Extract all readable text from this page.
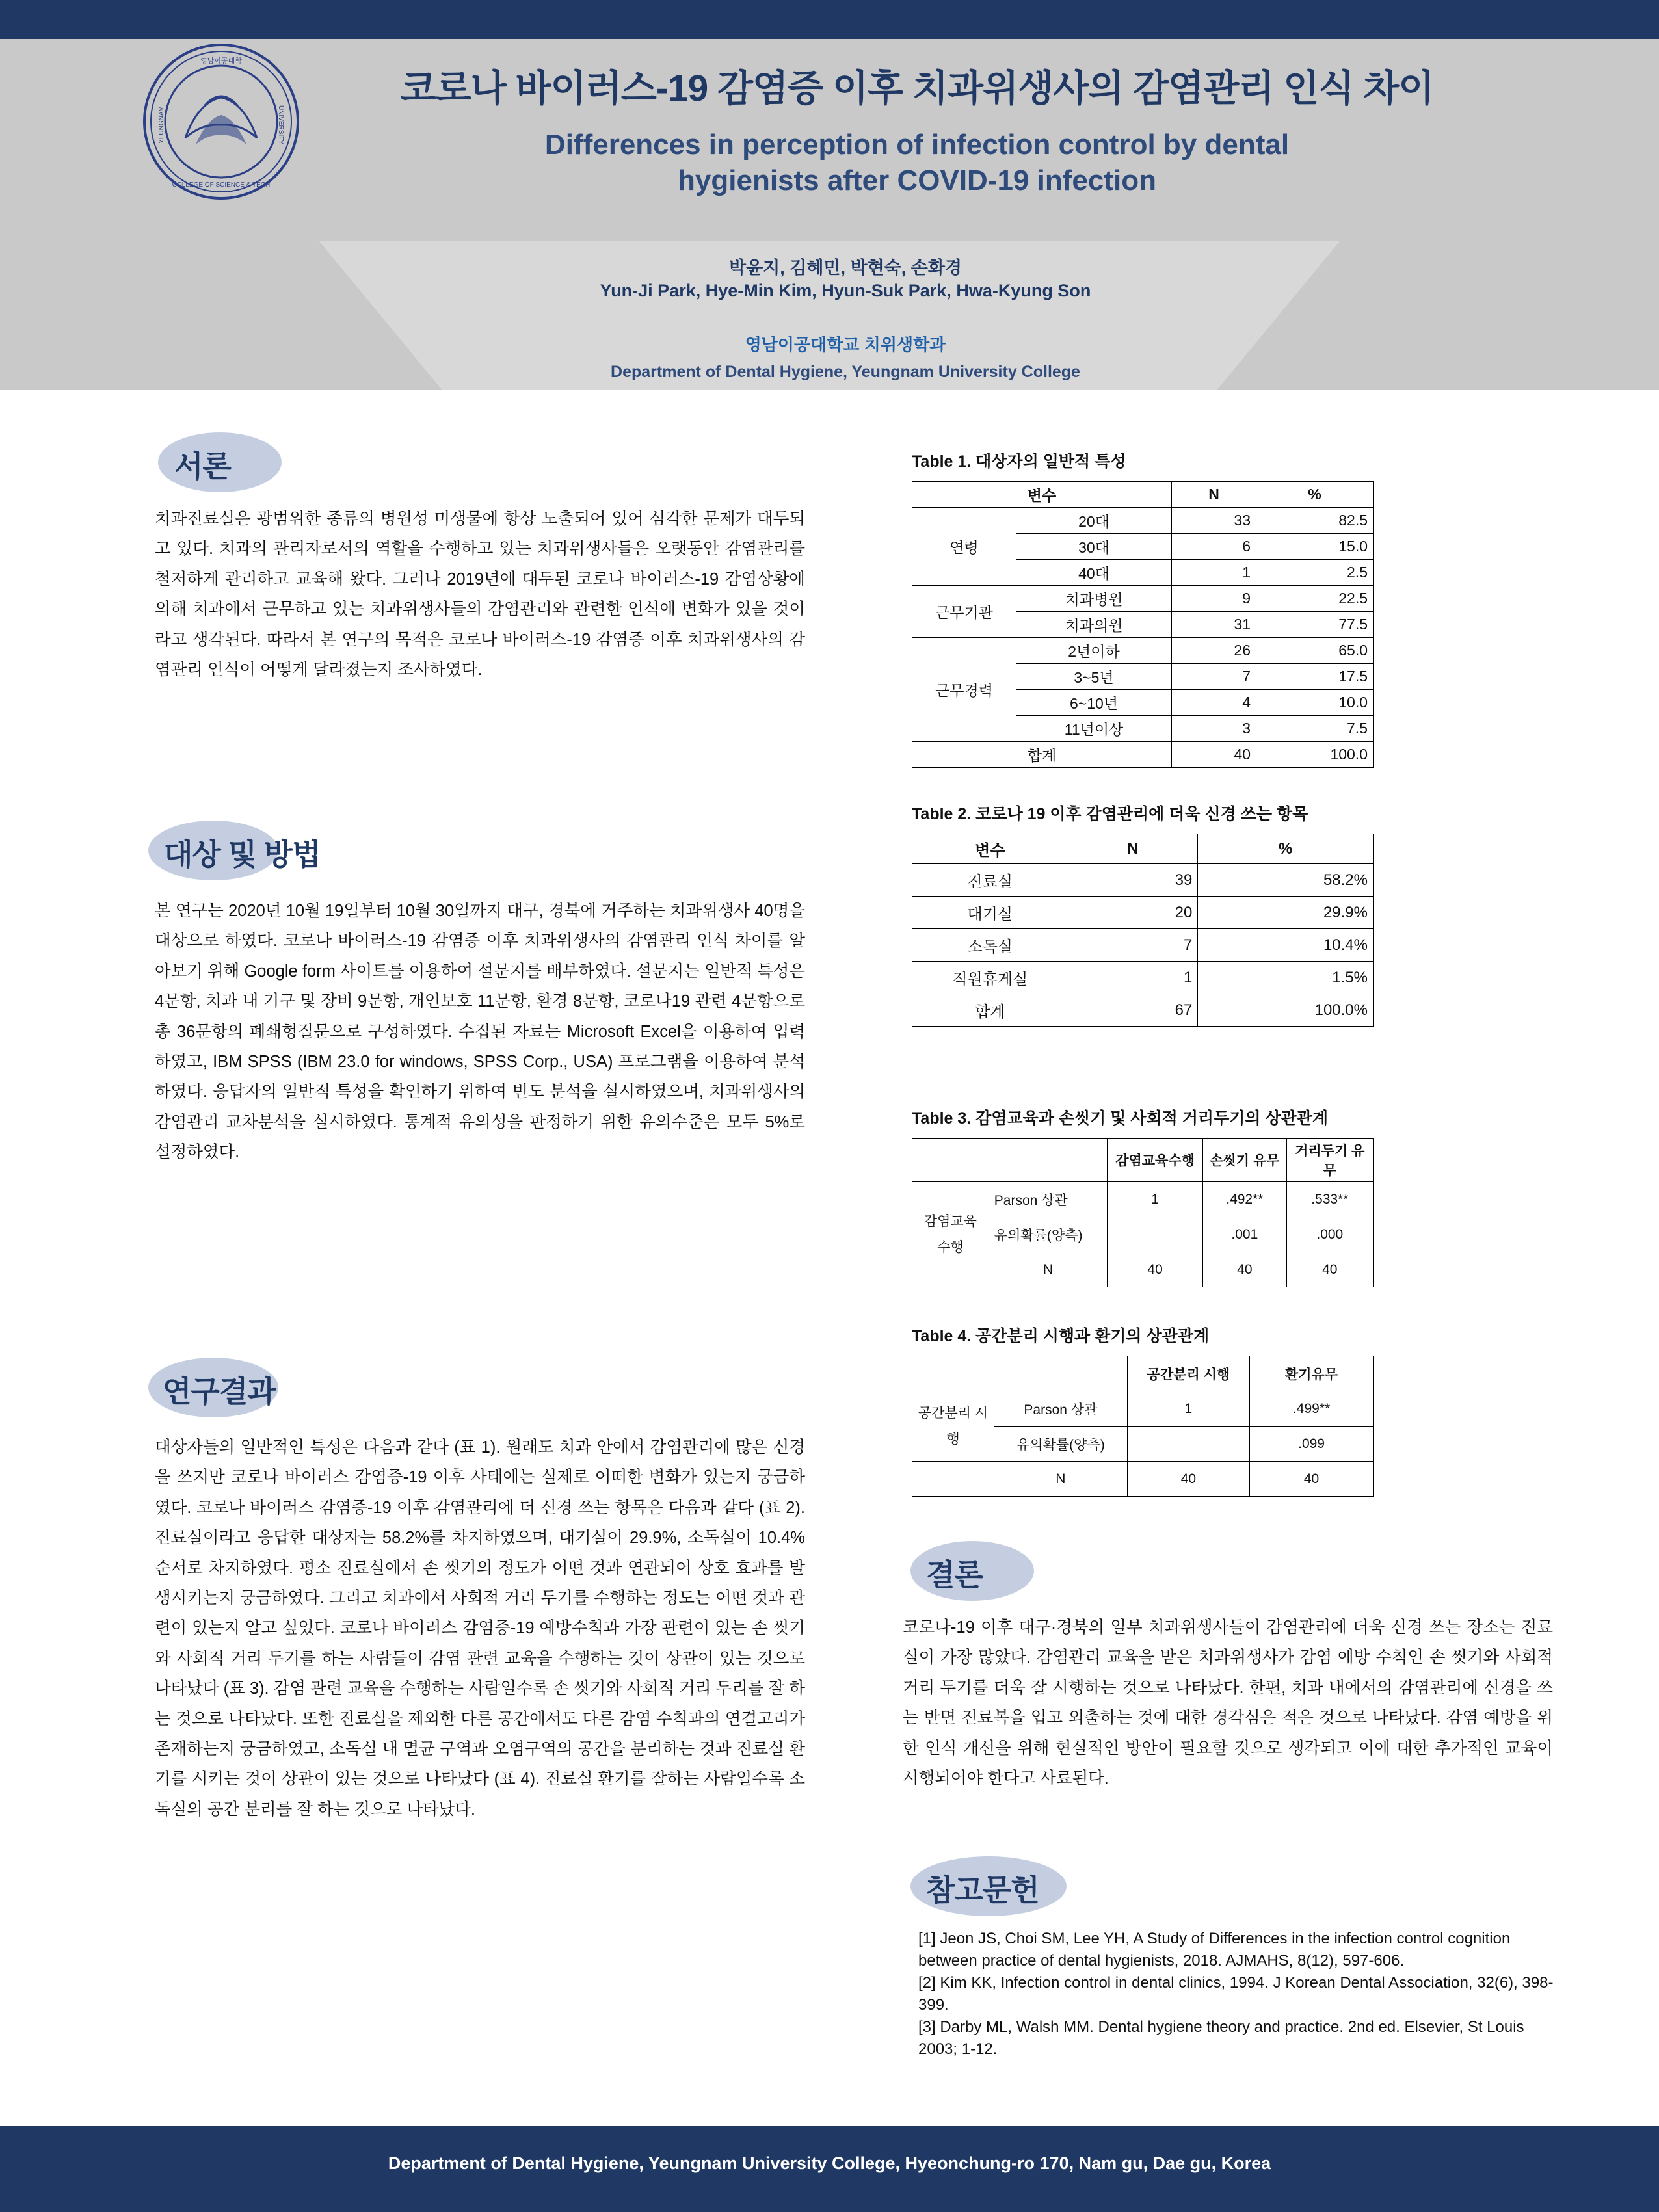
영남이공대학
COLLEGE OF SCIENCE & TECH
YEUNGNAM	UNIVERSITY
코로나 바이러스-19 감염증 이후 치과위생사의 감염관리 인식 차이
Differences in perception of infection control by dental
hygienists after COVID-19 infection
박윤지, 김혜민, 박현숙, 손화경
Yun-Ji Park, Hye-Min Kim, Hyun-Suk Park, Hwa-Kyung Son
영남이공대학교 치위생학과
Department of Dental Hygiene, Yeungnam University College
서론
치과진료실은 광범위한 종류의 병원성 미생물에 항상 노출되어 있어 심각한 문제가 대두되고 있다. 치과의 관리자로서의 역할을 수행하고 있는 치과위생사들은 오랫동안 감염관리를 철저하게 관리하고 교육해 왔다. 그러나 2019년에 대두된 코로나 바이러스-19 감염상황에 의해 치과에서 근무하고 있는 치과위생사들의 감염관리와 관련한 인식에 변화가 있을 것이라고 생각된다. 따라서 본 연구의 목적은 코로나 바이러스-19 감염증 이후 치과위생사의 감염관리 인식이 어떻게 달라졌는지 조사하였다.
대상 및 방법
본 연구는 2020년 10월 19일부터 10월 30일까지 대구, 경북에 거주하는 치과위생사 40명을 대상으로 하였다. 코로나 바이러스-19 감염증 이후 치과위생사의 감염관리 인식 차이를 알아보기 위해 Google form 사이트를 이용하여 설문지를 배부하였다. 설문지는 일반적 특성은 4문항, 치과 내 기구 및 장비 9문항, 개인보호 11문항, 환경 8문항, 코로나19 관련 4문항으로 총 36문항의 폐쇄형질문으로 구성하였다. 수집된 자료는 Microsoft Excel을 이용하여 입력하였고, IBM SPSS (IBM 23.0 for windows, SPSS Corp., USA) 프로그램을 이용하여 분석하였다. 응답자의 일반적 특성을 확인하기 위하여 빈도 분석을 실시하였으며, 치과위생사의 감염관리 교차분석을 실시하였다. 통계적 유의성을 판정하기 위한 유의수준은 모두 5%로 설정하였다.
연구결과
대상자들의 일반적인 특성은 다음과 같다 (표 1). 원래도 치과 안에서 감염관리에 많은 신경을 쓰지만 코로나 바이러스 감염증-19 이후 사태에는 실제로 어떠한 변화가 있는지 궁금하였다. 코로나 바이러스 감염증-19 이후 감염관리에 더 신경 쓰는 항목은 다음과 같다 (표 2). 진료실이라고 응답한 대상자는 58.2%를 차지하였으며, 대기실이 29.9%, 소독실이 10.4% 순서로 차지하였다. 평소 진료실에서 손 씻기의 정도가 어떤 것과 연관되어 상호 효과를 발생시키는지 궁금하였다. 그리고 치과에서 사회적 거리 두기를 수행하는 정도는 어떤 것과 관련이 있는지 알고 싶었다. 코로나 바이러스 감염증-19 예방수칙과 가장 관련이 있는 손 씻기와 사회적 거리 두기를 하는 사람들이 감염 관련 교육을 수행하는 것이 상관이 있는 것으로 나타났다 (표 3). 감염 관련 교육을 수행하는 사람일수록 손 씻기와 사회적 거리 두리를 잘 하는 것으로 나타났다. 또한 진료실을 제외한 다른 공간에서도 다른 감염 수칙과의 연결고리가 존재하는지 궁금하였고, 소독실 내 멸균 구역과 오염구역의 공간을 분리하는 것과 진료실 환기를 시키는 것이 상관이 있는 것으로 나타났다 (표 4). 진료실 환기를 잘하는 사람일수록 소독실의 공간 분리를 잘 하는 것으로 나타났다.
Table 1. 대상자의 일반적 특성
변수		N	%
연령	20대	33	82.5
	30대	6	15.0
	40대	1	2.5
근무기관	치과병원	9	22.5
	치과의원	31	77.5
근무경력	2년이하	26	65.0
	3~5년	7	17.5
	6~10년	4	10.0
	11년이상	3	7.5
합계		40	100.0
Table 2. 코로나 19 이후 감염관리에 더욱 신경 쓰는 항목
변수	N	%
진료실	39	58.2%
대기실	20	29.9%
소독실	7	10.4%
직원휴게실	1	1.5%
합계	67	100.0%
Table 3. 감염교육과 손씻기 및 사회적 거리두기의 상관관계
		감염교육수행	손씻기 유무	거리두기 유무
감염교육 수행	Parson 상관	1	.492**	.533**
	유의확률(양측)		.001	.000
	N	40	40	40
Table 4. 공간분리 시행과 환기의 상관관계
		공간분리 시행	환기유무
공간분리 시행	Parson 상관	1	.499**
	유의확률(양측)		.099
	N	40	40
결론
코로나-19 이후 대구·경북의 일부 치과위생사들이 감염관리에 더욱 신경 쓰는 장소는 진료실이 가장 많았다. 감염관리 교육을 받은 치과위생사가 감염 예방 수칙인 손 씻기와 사회적 거리 두기를 더욱 잘 시행하는 것으로 나타났다. 한편, 치과 내에서의 감염관리에 신경을 쓰는 반면 진료복을 입고 외출하는 것에 대한 경각심은 적은 것으로 나타났다. 감염 예방을 위한 인식 개선을 위해 현실적인 방안이 필요할 것으로 생각되고 이에 대한 추가적인 교육이 시행되어야 한다고 사료된다.
참고문헌
[1] Jeon JS, Choi SM, Lee YH, A Study of Differences in the infection control cognition between practice of dental hygienists, 2018. AJMAHS, 8(12), 597-606.
[2] Kim KK, Infection control in dental clinics, 1994. J Korean Dental Association, 32(6), 398-399.
[3] Darby ML, Walsh MM. Dental hygiene theory and practice. 2nd ed. Elsevier, St Louis 2003; 1-12.
Department of Dental Hygiene, Yeungnam University College, Hyeonchung-ro 170, Nam gu, Dae gu, Korea
